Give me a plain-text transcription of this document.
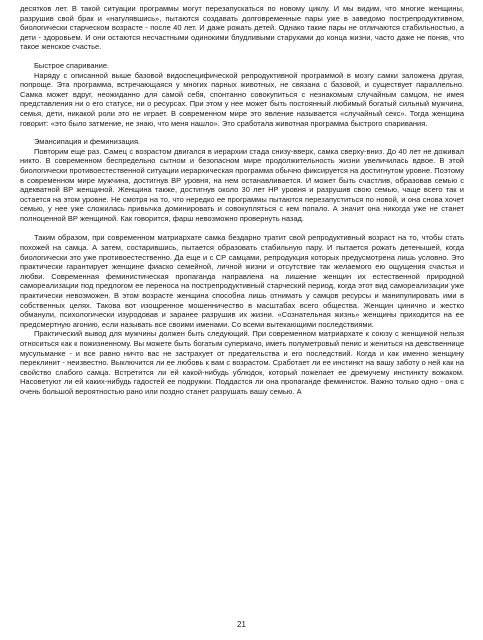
десятков лет. В такой ситуации программы могут перезапускаться по новому циклу. И мы видим, что многие женщины, разрушив свой брак и «нагулявшись», пытаются создавать долговременные пары уже в заведомо пострепродуктивном, биологически старческом возрасте - после 40 лет. И даже рожать детей. Однако такие пары не отличаются стабильностью, а дети - здоровьем. И они остаются несчастными одинокими блудливыми старухами до конца жизни, часто даже не поняв, что такое женское счастье.

Быстрое спаривание.

Наряду с описанной выше базовой видоспецифической репродуктивной программой в мозгу самки заложена другая, попроще. Эта программа, встречающаяся у многих парных животных, не связана с базовой, и существует параллельно. Самка может вдруг, неожиданно для самой себя, спонтанно совокупиться с незнакомым случайным самцом, не имея представления ни о его статусе, ни о ресурсах. При этом у нее может быть постоянный любимый богатый сильный мужчина, семья, дети, никакой роли это не играет. В современном мире это явление называется «случайный секс». Тогда женщина говорит: «это было затмение, не знаю, что меня нашло». Это сработала животная программа быстрого спаривания.

Эмансипация и феминизация.

Повторим еще раз. Самец с возрастом двигался в иерархии стада снизу-вверх, самка сверху-вниз. До 40 лет не доживал никто. В современном беспредельно сытном и безопасном мире продолжительность жизни увеличилась вдвое. В этой биологически противоестественной ситуации иерархическая программа обычно фиксируется на достигнутом уровне. Поэтому в современном мире мужчина, достигнув ВР уровня, на нем останавливается. И может быть счастлив, образовав семью с адекватной ВР женщиной. Женщина также, достигнув около 30 лет НР уровня и разрушив свою семью, чаще всего так и остается на этом уровне. Не смотря на то, что нередко ее программы пытаются перезапуститься по новой, и она снова хочет семью, у нее уже сложилась привычка доминировать и совокупляться с кем попало. А значит она никогда уже не станет полноценной ВР женщиной. Как говорится, фарш невозможно провернуть назад.

Таким образом, при современном матриархате самка бездарно тратит свой репродуктивный возраст на то, чтобы стать похожей на самца. А затем, состарившись, пытается образовать стабильную пару. И пытается рожать детенышей, когда биологически это уже противоестественно. Да еще и с СР самцами, репродукция которых предусмотрена лишь условно. Это практически гарантирует женщине фиаско семейной, личной жизни и отсутствие так желаемого ею ощущения счастья и любви. Современная феминистическая пропаганда направлена на лишение женщин их естественной природной самореализации под предлогом ее переноса на пострепродуктивный старческий период, когда этот вид самореализации уже практически невозможен. В этом возрасте женщина способна лишь отнимать у самцов ресурсы и манипулировать ими в собственных целях. Такова вот изощренное мошенничество в масштабах всего общества. Женщин цинично и жестко обманули, психологически изуродовав и заранее разрушив их жизни. «Сознательная жизнь» женщины приходится на ее предсмертную агонию, если называть все своими именами. Со всеми вытекающими последствиями.

Практический вывод для мужчины должен быть следующий. При современном матриархате к союзу с женщиной нельзя относиться как к пожизненному. Вы можете быть богатым супермачо, иметь полуметровый пенис и жениться на девственнице мусульманке - и все равно ничто вас не застрахует от предательства и его последствий. Когда и как именно женщину переклинит - неизвестно. Выключится ли ее любовь к вам с возрастом. Сработает ли ее инстинкт на вашу заботу о ней как на свойство слабого самца. Встретится ли ей какой-нибудь ублюдок, который пожелает ее дремучему инстинкту вожаком. Насоветуют ли ей каких-нибудь гадостей ее подружки. Поддастся ли она пропаганде феминисток. Важно только одно - она с очень большой вероятностью рано или поздно станет разрушать вашу семью. А

21
